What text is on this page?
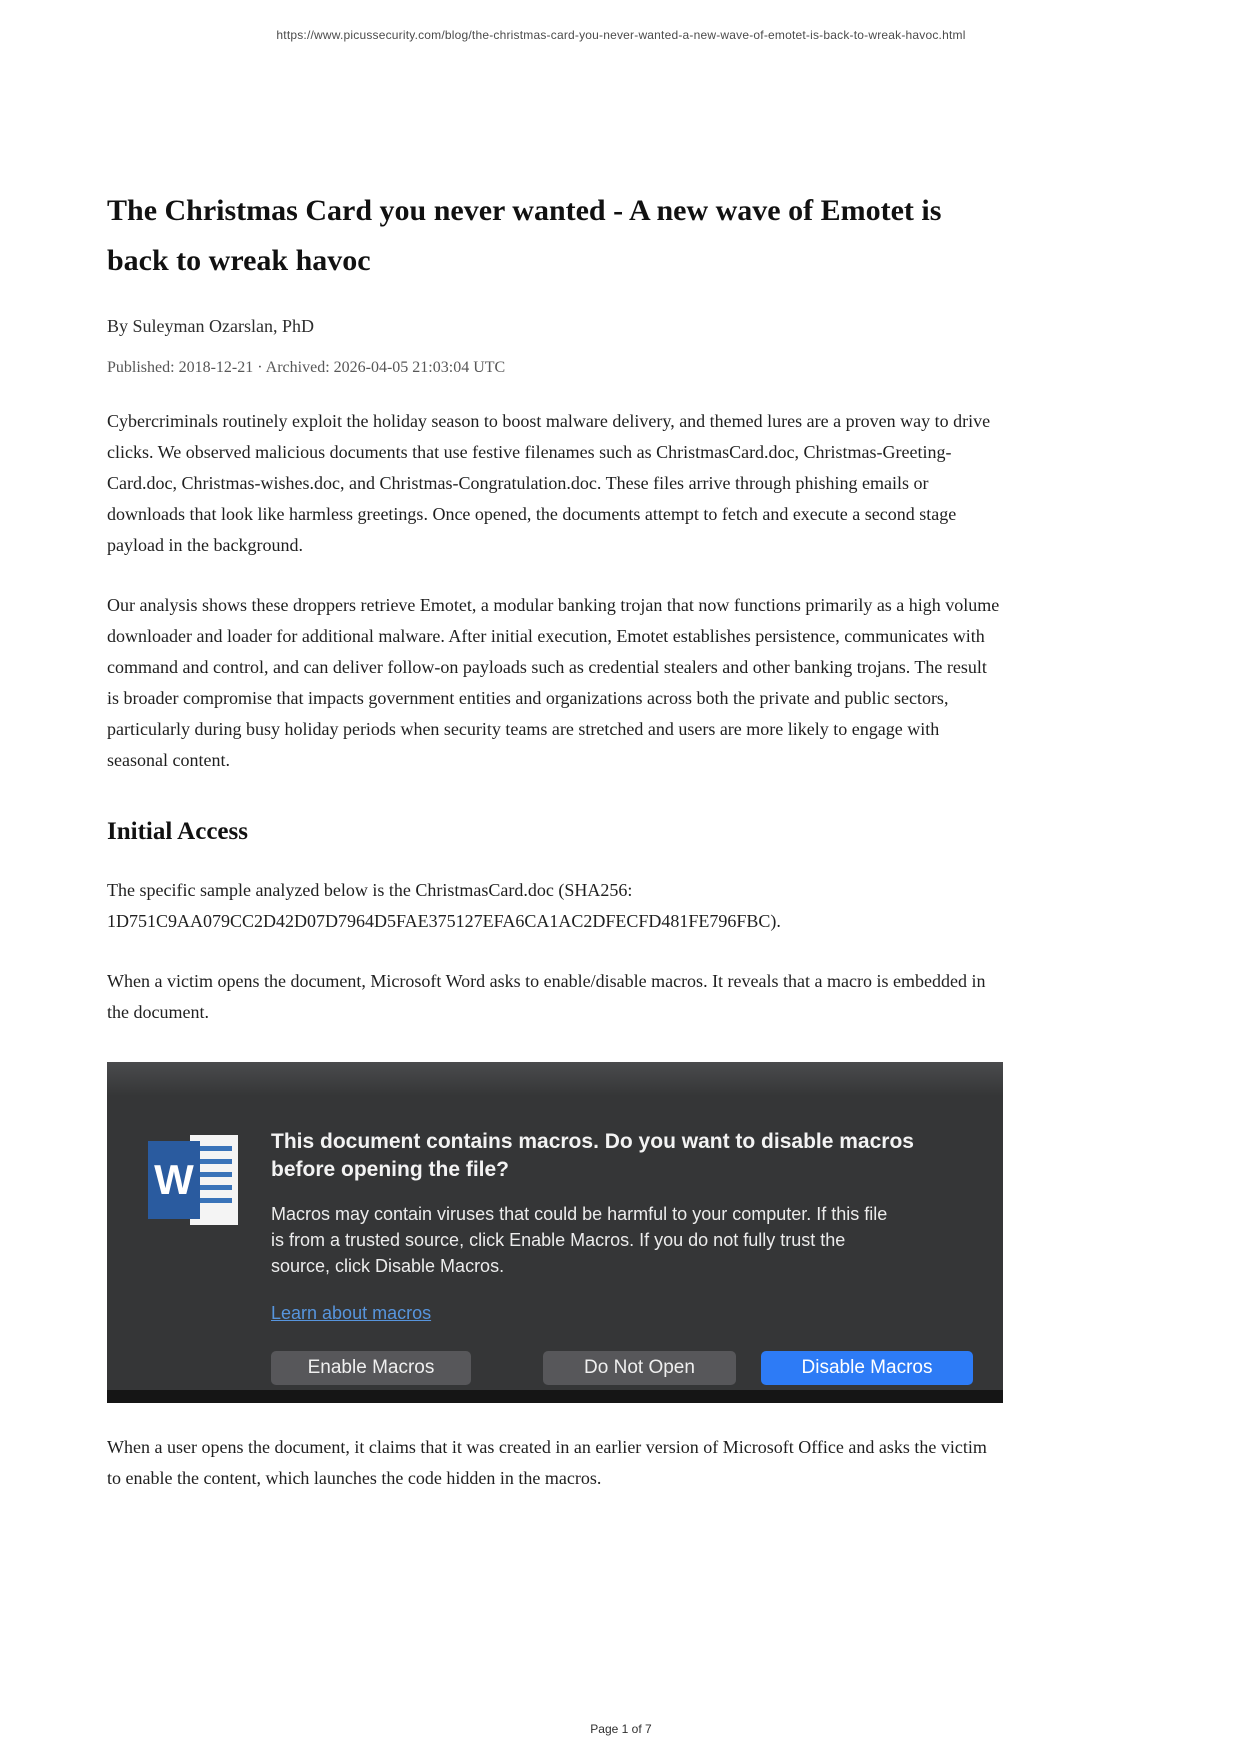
https://www.picussecurity.com/blog/the-christmas-card-you-never-wanted-a-new-wave-of-emotet-is-back-to-wreak-havoc.html
The Christmas Card you never wanted - A new wave of Emotet is back to wreak havoc

By Suleyman Ozarslan, PhD

Published: 2018-12-21 · Archived: 2026-04-05 21:03:04 UTC

Cybercriminals routinely exploit the holiday season to boost malware delivery, and themed lures are a proven way to drive clicks. We observed malicious documents that use festive filenames such as ChristmasCard.doc, Christmas-Greeting-Card.doc, Christmas-wishes.doc, and Christmas-Congratulation.doc. These files arrive through phishing emails or downloads that look like harmless greetings. Once opened, the documents attempt to fetch and execute a second stage payload in the background.

Our analysis shows these droppers retrieve Emotet, a modular banking trojan that now functions primarily as a high volume downloader and loader for additional malware. After initial execution, Emotet establishes persistence, communicates with command and control, and can deliver follow-on payloads such as credential stealers and other banking trojans. The result is broader compromise that impacts government entities and organizations across both the private and public sectors, particularly during busy holiday periods when security teams are stretched and users are more likely to engage with seasonal content.

Initial Access

The specific sample analyzed below is the ChristmasCard.doc (SHA256: 1D751C9AA079CC2D42D07D7964D5FAE375127EFA6CA1AC2DFECFD481FE796FBC).

When a victim opens the document, Microsoft Word asks to enable/disable macros. It reveals that a macro is embedded in the document.

W

This document contains macros. Do you want to disable macros before opening the file?

Macros may contain viruses that could be harmful to your computer. If this file is from a trusted source, click Enable Macros. If you do not fully trust the source, click Disable Macros.

Learn about macros
Enable Macros	Do Not Open	Disable Macros

When a user opens the document, it claims that it was created in an earlier version of Microsoft Office and asks the victim to enable the content, which launches the code hidden in the macros.

Page 1 of 7
